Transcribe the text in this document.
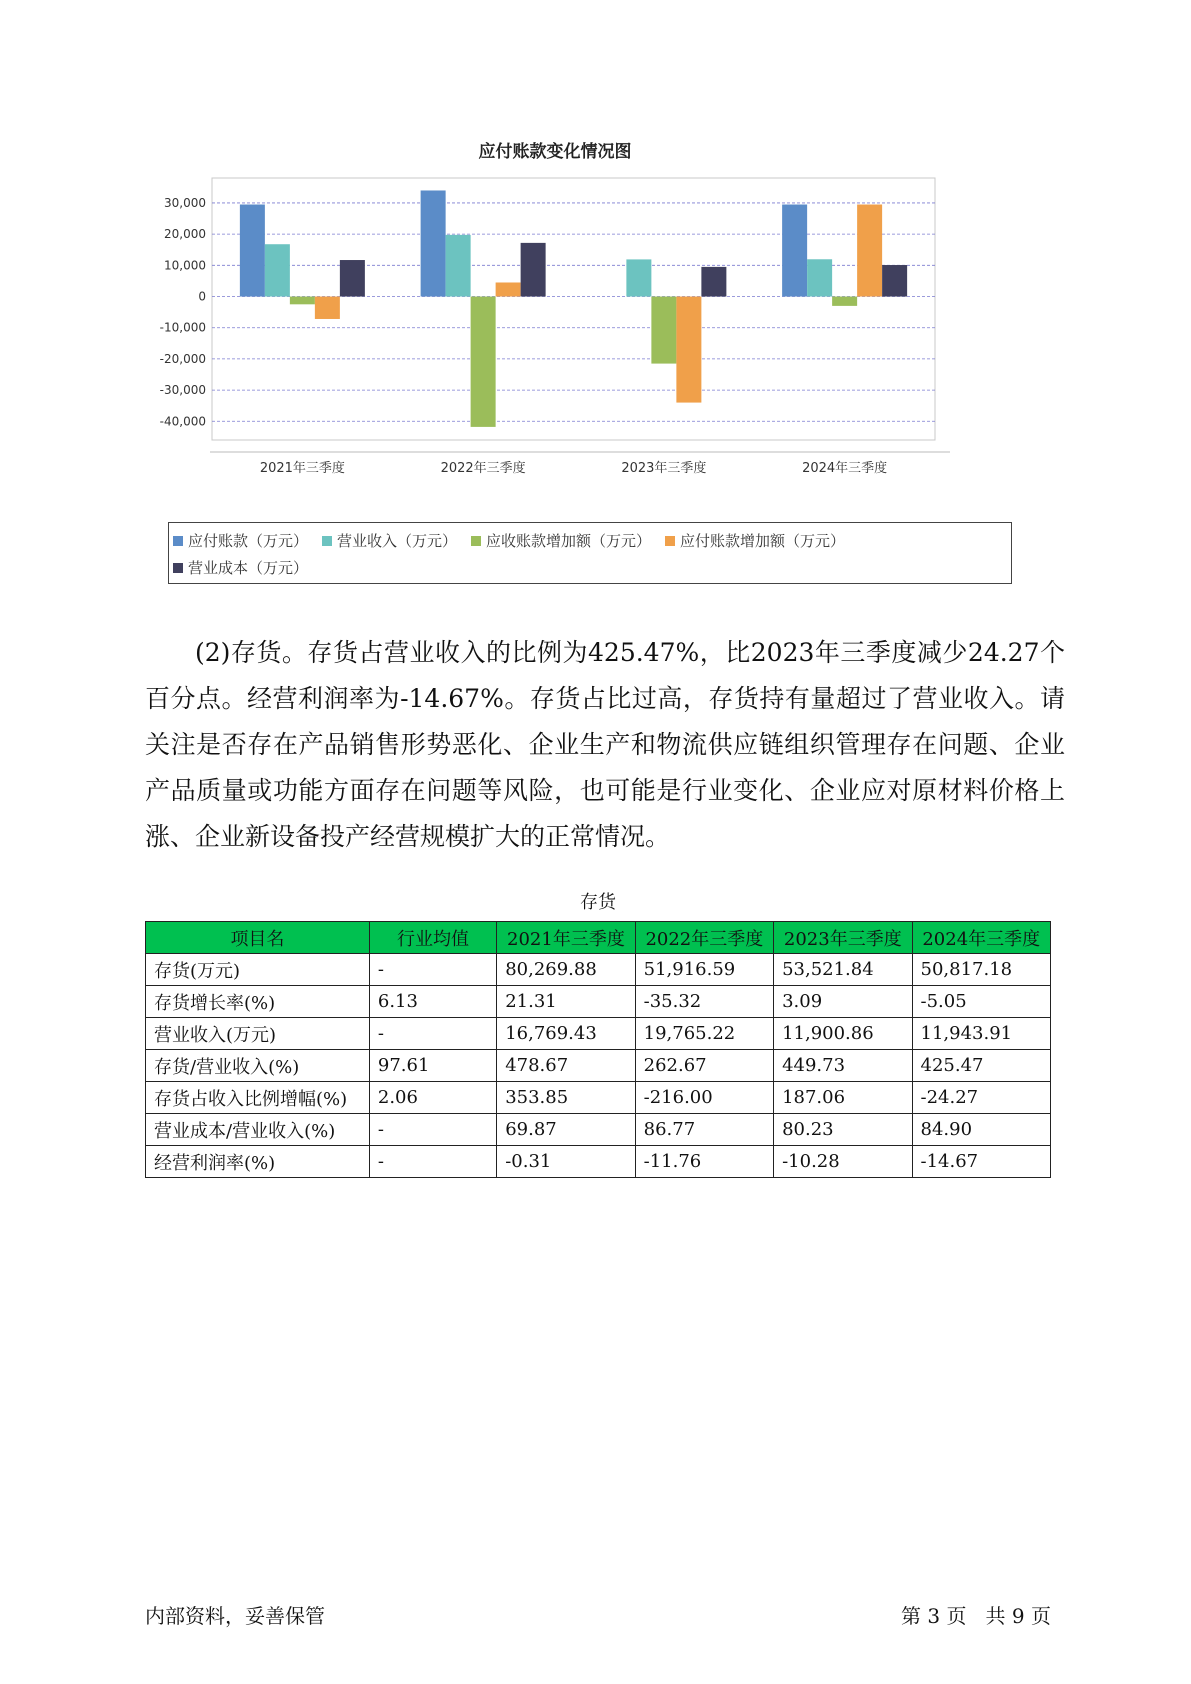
应付账款变化情况图
30,000
20,000
10,000
0
-10,000
-20,000
-30,000
-40,000
2021年三季度	2022年三季度	2023年三季度	2024年三季度
应付账款（万元） 营业收入（万元） 应收账款增加额（万元） 应付账款增加额（万元）

营业成本（万元）

(2)存货。存货占营业收入的比例为425.47%，比2023年三季度减少24.27个百分点。经营利润率为-14.67%。存货占比过高，存货持有量超过了营业收入。请关注是否存在产品销售形势恶化、企业生产和物流供应链组织管理存在问题、企业产品质量或功能方面存在问题等风险，也可能是行业变化、企业应对原材料价格上涨、企业新设备投产经营规模扩大的正常情况。

存货
项目名	行业均值	2021年三季度	2022年三季度	2023年三季度	2024年三季度
存货(万元)	-	80,269.88	51,916.59	53,521.84	50,817.18
存货增长率(%)	6.13	21.31	-35.32	3.09	-5.05
营业收入(万元)	-	16,769.43	19,765.22	11,900.86	11,943.91
存货/营业收入(%)	97.61	478.67	262.67	449.73	425.47
存货占收入比例增幅(%)	2.06	353.85	-216.00	187.06	-24.27
营业成本/营业收入(%)	-	69.87	86.77	80.23	84.90
经营利润率(%)	-	-0.31	-11.76	-10.28	-14.67
内部资料，妥善保管	第 3 页   共 9 页
